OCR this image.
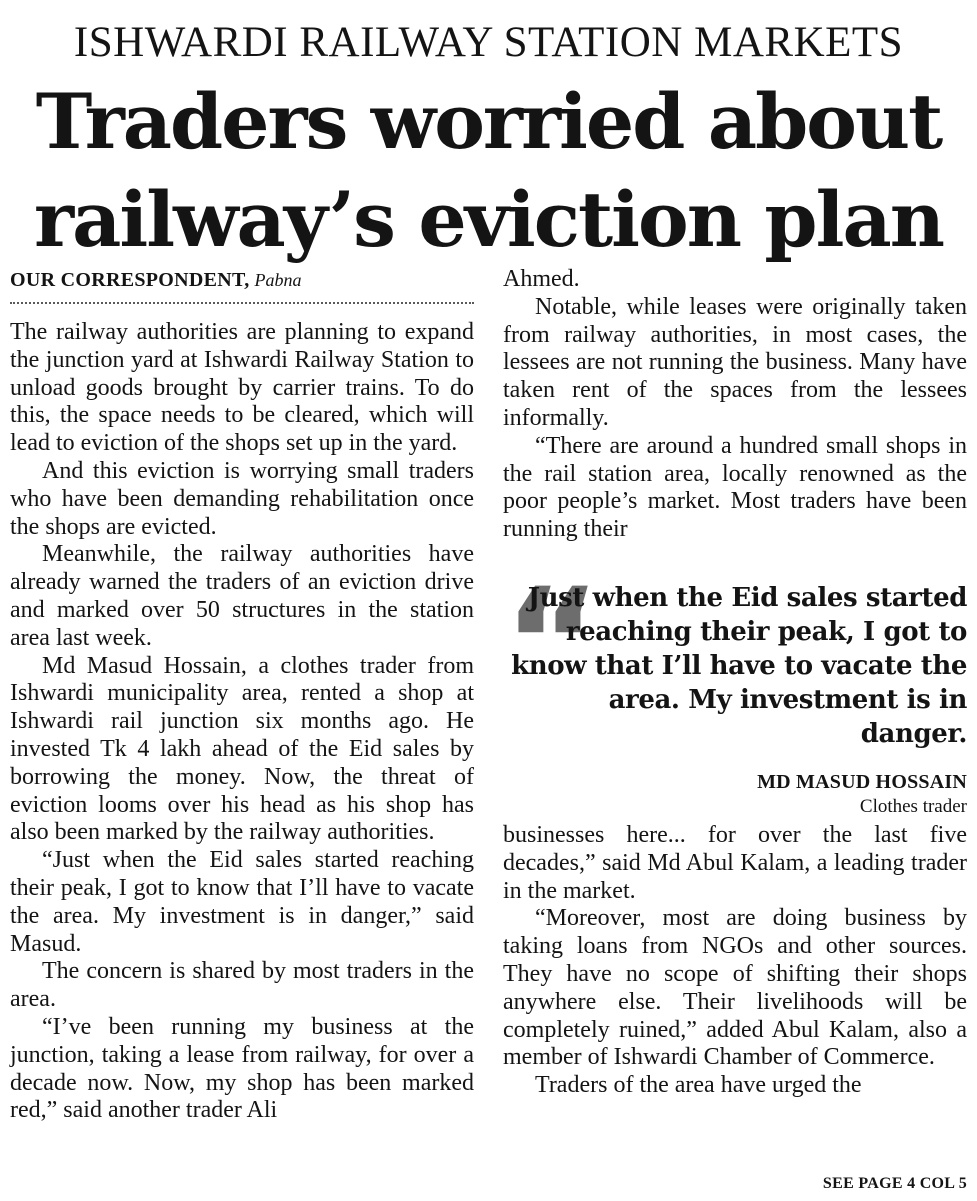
ISHWARDI RAILWAY STATION MARKETS
Traders worried about
railway’s eviction plan
OUR CORRESPONDENT, Pabna

The railway authorities are planning to expand the junction yard at Ishwardi Railway Station to unload goods brought by carrier trains. To do this, the space needs to be cleared, which will lead to eviction of the shops set up in the yard.

And this eviction is worrying small traders who have been demanding rehabilitation once the shops are evicted.

Meanwhile, the railway authorities have already warned the traders of an eviction drive and marked over 50 structures in the station area last week.

Md Masud Hossain, a clothes trader from Ishwardi municipality area, rented a shop at Ishwardi rail junction six months ago. He invested Tk 4 lakh ahead of the Eid sales by borrowing the money. Now, the threat of eviction looms over his head as his shop has also been marked by the railway authorities.

“Just when the Eid sales started reaching their peak, I got to know that I’ll have to vacate the area. My investment is in danger,” said Masud.

The concern is shared by most traders in the area.

“I’ve been running my business at the junction, taking a lease from railway, for over a decade now. Now, my shop has been marked red,” said another trader Ali

Ahmed.

Notable, while leases were originally taken from railway authorities, in most cases, the lessees are not running the business. Many have taken rent of the spaces from the lessees informally.

“There are around a hundred small shops in the rail station area, locally renowned as the poor people’s market. Most traders have been running their

“
Just when the Eid sales started reaching their peak, I got to know that I’ll have to vacate the area. My investment is in danger.
MD MASUD HOSSAIN
Clothes trader

businesses here... for over the last five decades,” said Md Abul Kalam, a leading trader in the market.

“Moreover, most are doing business by taking loans from NGOs and other sources. They have no scope of shifting their shops anywhere else. Their livelihoods will be completely ruined,” added Abul Kalam, also a member of Ishwardi Chamber of Commerce.

Traders of the area have urged the

SEE PAGE 4 COL 5
